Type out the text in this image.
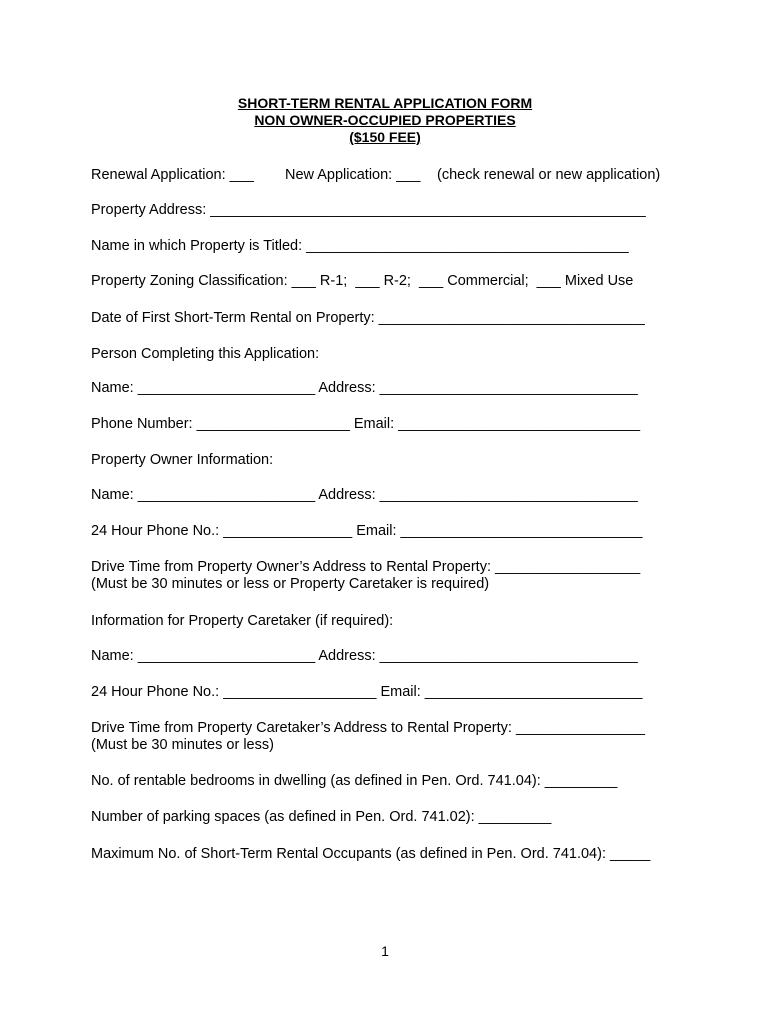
SHORT-TERM RENTAL APPLICATION FORM
NON OWNER-OCCUPIED PROPERTIES
($150 FEE)

Renewal Application: ___

New Application: ___

(check renewal or new application)

Property Address: ______________________________________________________
Name in which Property is Titled: ________________________________________
Property Zoning Classification: ___ R-1;  ___ R-2;  ___ Commercial;  ___ Mixed Use
Date of First Short-Term Rental on Property: _________________________________
Person Completing this Application:
Name: ______________________ Address: ________________________________
Phone Number: ___________________ Email: ______________________________
Property Owner Information:
Name: ______________________ Address: ________________________________
24 Hour Phone No.: ________________ Email: ______________________________
Drive Time from Property Owner’s Address to Rental Property: __________________
(Must be 30 minutes or less or Property Caretaker is required)
Information for Property Caretaker (if required):
Name: ______________________ Address: ________________________________
24 Hour Phone No.: ___________________ Email: ___________________________
Drive Time from Property Caretaker’s Address to Rental Property: ________________
(Must be 30 minutes or less)
No. of rentable bedrooms in dwelling (as defined in Pen. Ord. 741.04): _________
Number of parking spaces (as defined in Pen. Ord. 741.02): _________
Maximum No. of Short-Term Rental Occupants (as defined in Pen. Ord. 741.04): _____
1
